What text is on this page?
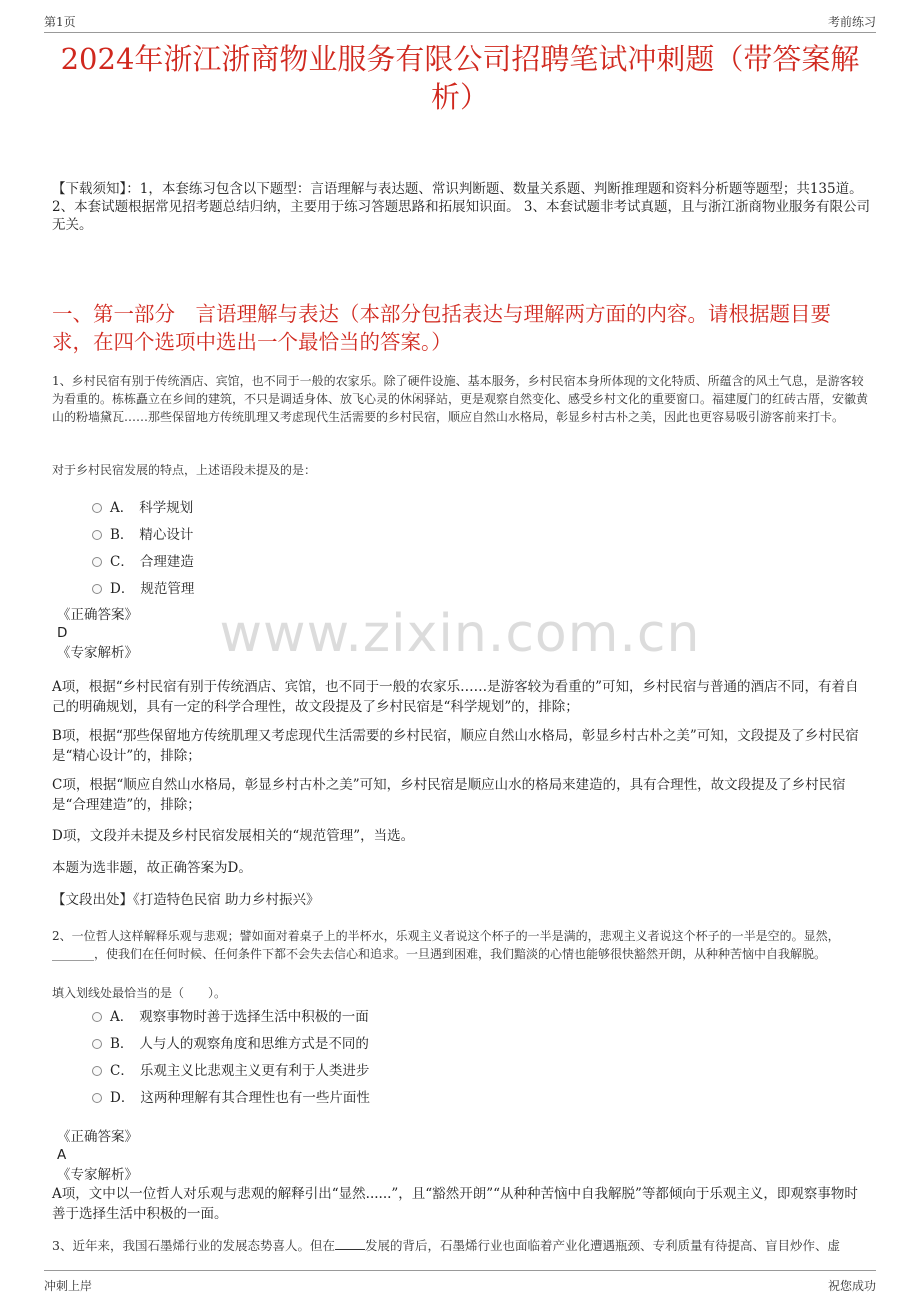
第1页	考前练习
2024年浙江浙商物业服务有限公司招聘笔试冲刺题（带答案解析）
【下载须知】：1，本套练习包含以下题型：言语理解与表达题、常识判断题、数量关系题、判断推理题和资料分析题等题型；共135道。 2、本套试题根据常见招考题总结归纳，主要用于练习答题思路和拓展知识面。 3、本套试题非考试真题，且与浙江浙商物业服务有限公司无关。
一、第一部分　言语理解与表达（本部分包括表达与理解两方面的内容。请根据题目要求，在四个选项中选出一个最恰当的答案。）
1、乡村民宿有别于传统酒店、宾馆，也不同于一般的农家乐。除了硬件设施、基本服务，乡村民宿本身所体现的文化特质、所蕴含的风土气息，是游客较为看重的。栋栋矗立在乡间的建筑，不只是调适身体、放飞心灵的休闲驿站，更是观察自然变化、感受乡村文化的重要窗口。福建厦门的红砖古厝，安徽黄山的粉墙黛瓦……那些保留地方传统肌理又考虑现代生活需要的乡村民宿，顺应自然山水格局，彰显乡村古朴之美，因此也更容易吸引游客前来打卡。
对于乡村民宿发展的特点，上述语段未提及的是：
A． 科学规划
B． 精心设计
C． 合理建造
D． 规范管理
《正确答案》
D
《专家解析》
A项，根据“乡村民宿有别于传统酒店、宾馆，也不同于一般的农家乐……是游客较为看重的”可知，乡村民宿与普通的酒店不同，有着自己的明确规划，具有一定的科学合理性，故文段提及了乡村民宿是“科学规划”的，排除；
B项，根据“那些保留地方传统肌理又考虑现代生活需要的乡村民宿，顺应自然山水格局，彰显乡村古朴之美”可知，文段提及了乡村民宿是“精心设计”的，排除；
C项，根据“顺应自然山水格局，彰显乡村古朴之美”可知，乡村民宿是顺应山水的格局来建造的，具有合理性，故文段提及了乡村民宿是“合理建造”的，排除；
D项，文段并未提及乡村民宿发展相关的“规范管理”，当选。
本题为选非题，故正确答案为D。
【文段出处】《打造特色民宿 助力乡村振兴》
2、一位哲人这样解释乐观与悲观；譬如面对着桌子上的半杯水，乐观主义者说这个杯子的一半是满的，悲观主义者说这个杯子的一半是空的。显然，_______，使我们在任何时候、任何条件下都不会失去信心和追求。一旦遇到困难，我们黯淡的心情也能够很快豁然开朗，从种种苦恼中自我解脱。
填入划线处最恰当的是（　　）。
A． 观察事物时善于选择生活中积极的一面
B． 人与人的观察角度和思维方式是不同的
C． 乐观主义比悲观主义更有利于人类进步
D． 这两种理解有其合理性也有一些片面性
《正确答案》
A
《专家解析》
A项，文中以一位哲人对乐观与悲观的解释引出“显然......”，且“豁然开朗”“从种种苦恼中自我解脱”等都倾向于乐观主义，即观察事物时善于选择生活中积极的一面。
3、近年来，我国石墨烯行业的发展态势喜人。但在 发展的背后，石墨烯行业也面临着产业化遭遇瓶颈、专利质量有待提高、盲目炒作、虚
www.zixin.com.cn
冲刺上岸	祝您成功
